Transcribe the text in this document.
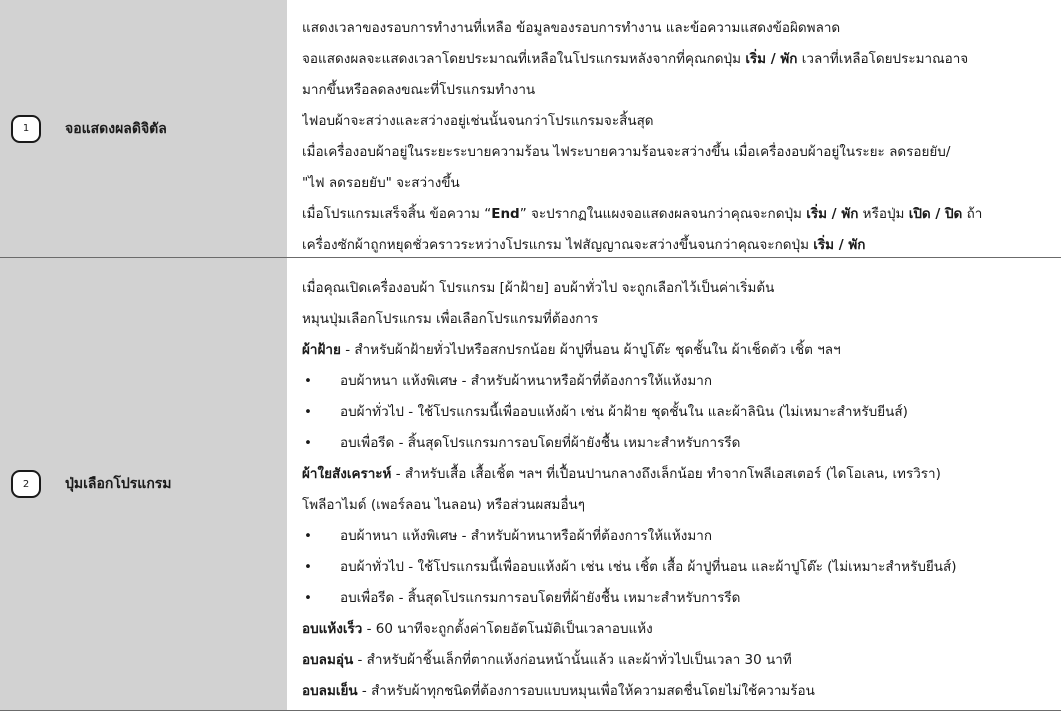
1	จอแสดงผลดิจิตัล
แสดงเวลาของรอบการทำงานที่เหลือ ข้อมูลของรอบการทำงาน และข้อความแสดงข้อผิดพลาด
จอแสดงผลจะแสดงเวลาโดยประมาณที่เหลือในโปรแกรมหลังจากที่คุณกดปุ่ม เริ่ม / พัก เวลาที่เหลือโดยประมาณอาจ
มากขึ้นหรือลดลงขณะที่โปรแกรมทำงาน
ไฟอบผ้าจะสว่างและสว่างอยู่เช่นนั้นจนกว่าโปรแกรมจะสิ้นสุด
เมื่อเครื่องอบผ้าอยู่ในระยะระบายความร้อน ไฟระบายความร้อนจะสว่างขึ้น เมื่อเครื่องอบผ้าอยู่ในระยะ ลดรอยยับ/
"ไฟ ลดรอยยับ" จะสว่างขึ้น
เมื่อโปรแกรมเสร็จสิ้น ข้อความ “End” จะปรากฏในแผงจอแสดงผลจนกว่าคุณจะกดปุ่ม เริ่ม / พัก หรือปุ่ม เปิด / ปิด ถ้า
เครื่องซักผ้าถูกหยุดชั่วคราวระหว่างโปรแกรม ไฟสัญญาณจะสว่างขึ้นจนกว่าคุณจะกดปุ่ม เริ่ม / พัก
2	ปุ่มเลือกโปรแกรม
เมื่อคุณเปิดเครื่องอบผ้า โปรแกรม [ผ้าฝ้าย] อบผ้าทั่วไป จะถูกเลือกไว้เป็นค่าเริ่มต้น
หมุนปุ่มเลือกโปรแกรม เพื่อเลือกโปรแกรมที่ต้องการ
ผ้าฝ้าย - สำหรับผ้าฝ้ายทั่วไปหรือสกปรกน้อย ผ้าปูที่นอน ผ้าปูโต๊ะ ชุดชั้นใน ผ้าเช็ดตัว เชิ้ต ฯลฯ
•	อบผ้าหนา แห้งพิเศษ - สำหรับผ้าหนาหรือผ้าที่ต้องการให้แห้งมาก
•	อบผ้าทั่วไป - ใช้โปรแกรมนี้เพื่ออบแห้งผ้า เช่น ผ้าฝ้าย ชุดชั้นใน และผ้าลินิน (ไม่เหมาะสำหรับยีนส์)
•	อบเพื่อรีด - สิ้นสุดโปรแกรมการอบโดยที่ผ้ายังชื้น เหมาะสำหรับการรีด
ผ้าใยสังเคราะห์ - สำหรับเสื้อ เสื้อเชิ้ต ฯลฯ ที่เปื้อนปานกลางถึงเล็กน้อย ทำจากโพลีเอสเตอร์ (ไดโอเลน, เทรวิรา)
โพลีอาไมด์ (เพอร์ลอน ไนลอน) หรือส่วนผสมอื่นๆ
•	อบผ้าหนา แห้งพิเศษ - สำหรับผ้าหนาหรือผ้าที่ต้องการให้แห้งมาก
•	อบผ้าทั่วไป - ใช้โปรแกรมนี้เพื่ออบแห้งผ้า เช่น เช่น เชิ้ต เสื้อ ผ้าปูที่นอน และผ้าปูโต๊ะ (ไม่เหมาะสำหรับยีนส์)
•	อบเพื่อรีด - สิ้นสุดโปรแกรมการอบโดยที่ผ้ายังชื้น เหมาะสำหรับการรีด
อบแห้งเร็ว - 60 นาทีจะถูกตั้งค่าโดยอัตโนมัติเป็นเวลาอบแห้ง
อบลมอุ่น - สำหรับผ้าชิ้นเล็กที่ตากแห้งก่อนหน้านั้นแล้ว และผ้าทั่วไปเป็นเวลา 30 นาที
อบลมเย็น - สำหรับผ้าทุกชนิดที่ต้องการอบแบบหมุนเพื่อให้ความสดชื่นโดยไม่ใช้ความร้อน
